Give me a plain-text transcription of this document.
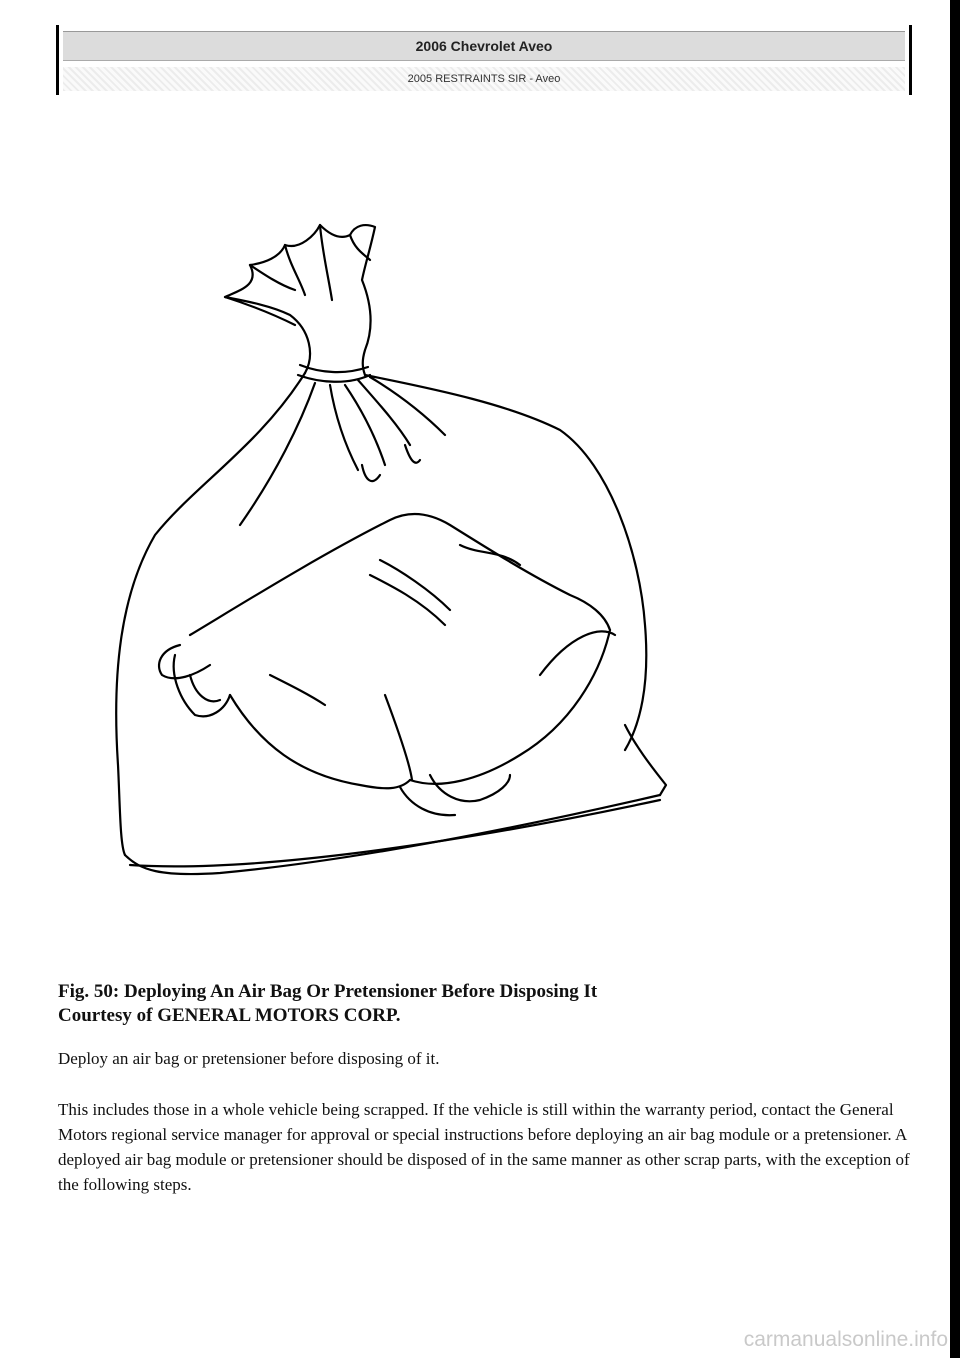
2006 Chevrolet Aveo
2005 RESTRAINTS SIR - Aveo
Fig. 50: Deploying An Air Bag Or Pretensioner Before Disposing It
Courtesy of GENERAL MOTORS CORP.

Deploy an air bag or pretensioner before disposing of it.

This includes those in a whole vehicle being scrapped. If the vehicle is still within the warranty period, contact the General Motors regional service manager for approval or special instructions before deploying an air bag module or a pretensioner. A deployed air bag module or pretensioner should be disposed of in the same manner as other scrap parts, with the exception of the following steps.

carmanualsonline.info
